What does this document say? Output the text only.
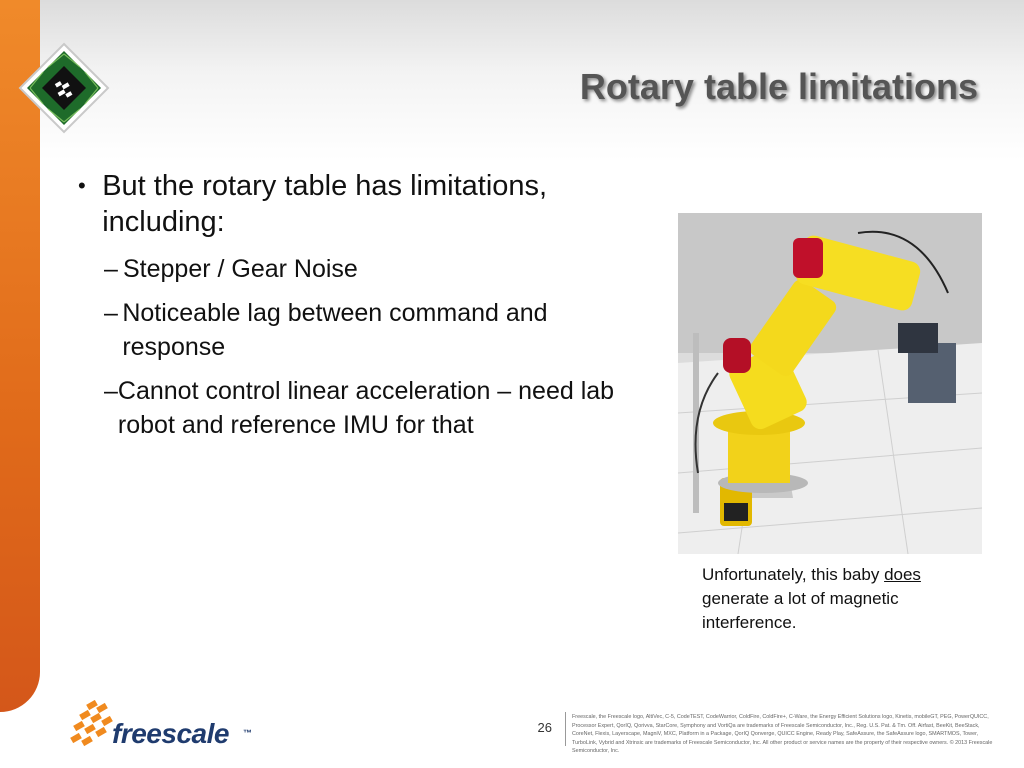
Rotary table limitations
• But the rotary table has limitations, including:
– Stepper / Gear Noise
– Noticeable lag between command and response
– Cannot control linear acceleration – need lab robot and reference IMU for that
Unfortunately, this baby does generate a lot of magnetic interference.
freescale ™	26
Freescale, the Freescale logo, AltiVec, C-5, CodeTEST, CodeWarrior, ColdFire, ColdFire+, C-Ware, the Energy Efficient Solutions logo, Kinetis, mobileGT, PEG, PowerQUICC, Processor Expert, QorIQ, Qorivva, StarCore, Symphony and VortiQa are trademarks of Freescale Semiconductor, Inc., Reg. U.S. Pat. & Tm. Off. Airfast, BeeKit, BeeStack, CoreNet, Flexis, Layerscape, MagniV, MXC, Platform in a Package, QorIQ Qonverge, QUICC Engine, Ready Play, SafeAssure, the SafeAssure logo, SMARTMOS, Tower, TurboLink, Vybrid and Xtrinsic are trademarks of Freescale Semiconductor, Inc. All other product or service names are the property of their respective owners. © 2013 Freescale Semiconductor, Inc.
